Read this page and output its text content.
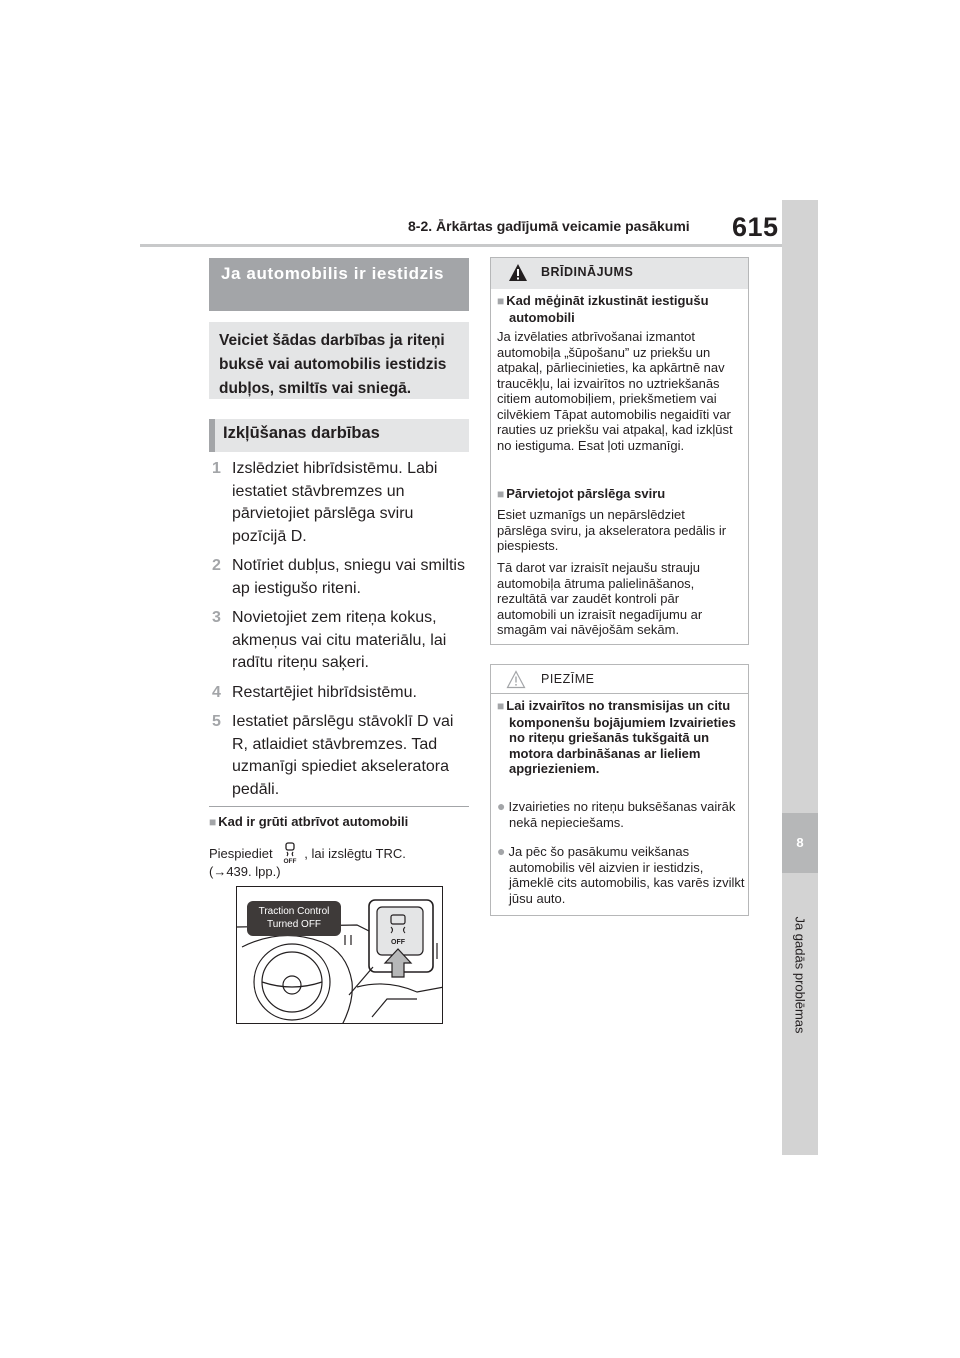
8-2. Ārkārtas gadījumā veicamie pasākumi 615
8
Ja gadās problēmas
Ja automobilis ir iestidzis
Veiciet šādas darbības ja riteņi buksē vai automobilis iestidzis dubļos, smiltīs vai sniegā.
Izkļūšanas darbības
1 Izslēdziet hibrīdsistēmu. Labi iestatiet stāvbremzes un pārvietojiet pārslēga sviru pozīcijā D.
2 Notīriet dubļus, sniegu vai smiltis ap iestigušo riteni.
3 Novietojiet zem riteņa kokus, akmeņus vai citu materiālu, lai radītu riteņu saķeri.
4 Restartējiet hibrīdsistēmu.
5 Iestatiet pārslēgu stāvoklī D vai R, atlaidiet stāvbremzes. Tad uzmanīgi spiediet akseleratora pedāli.
■ Kad ir grūti atbrīvot automobili
Piespiediet
OFF
, lai izslēgtu TRC.
(→439. lpp.)
OFF
Traction Control
Turned OFF
BRĪDINĀJUMS
■ Kad mēģināt izkustināt iestigušu automobili
Ja izvēlaties atbrīvošanai izmantot automobiļa „šūpošanu” uz priekšu un atpakaļ, pārliecinieties, ka apkārtnē nav traucēkļu, lai izvairītos no uztriekšanās citiem automobiļiem, priekšmetiem vai cilvēkiem Tāpat automobilis negaidīti var rauties uz priekšu vai atpakaļ, kad izkļūst no iestiguma. Esat ļoti uzmanīgi.
■ Pārvietojot pārslēga sviru
Esiet uzmanīgs un nepārslēdziet pārslēga sviru, ja akseleratora pedālis ir piespiests.
Tā darot var izraisīt nejaušu strauju automobiļa ātruma palielināšanos, rezultātā var zaudēt kontroli pār automobili un izraisīt negadījumu ar smagām vai nāvējošām sekām.
PIEZĪME
■ Lai izvairītos no transmisijas un citu komponenšu bojājumiem Izvairieties no riteņu griešanās tukšgaitā un motora darbināšanas ar lieliem apgriezieniem.
● Izvairieties no riteņu buksēšanas vairāk nekā nepieciešams.
● Ja pēc šo pasākumu veikšanas automobilis vēl aizvien ir iestidzis, jāmeklē cits automobilis, kas varēs izvilkt jūsu auto.
